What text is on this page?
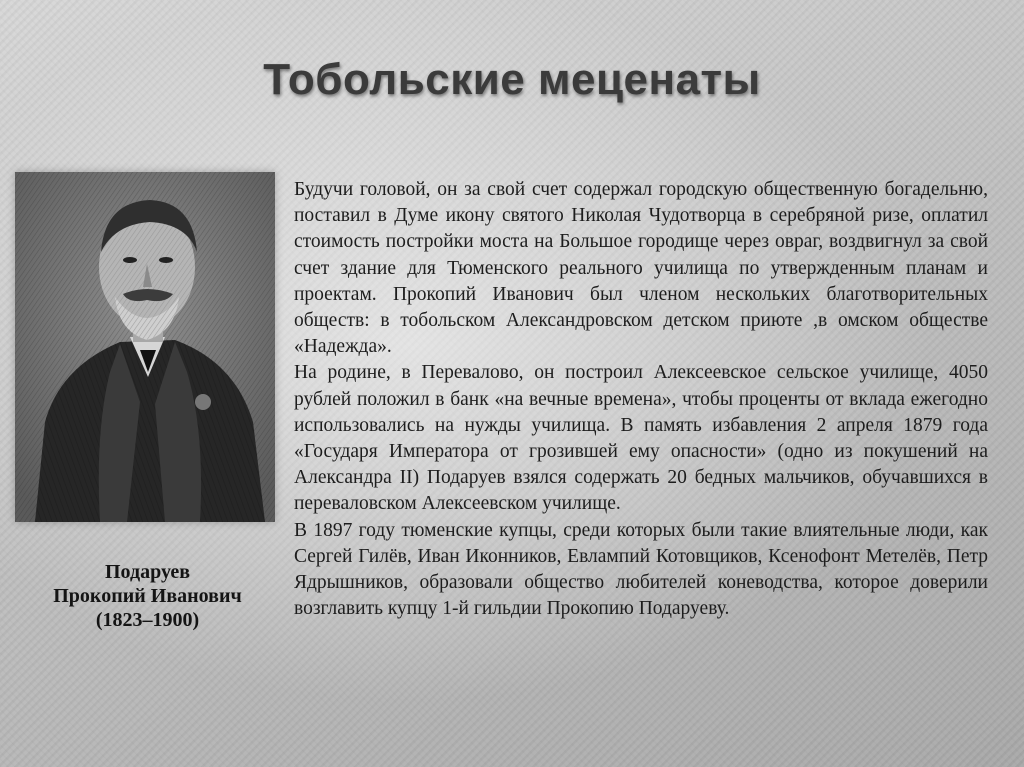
Тобольские меценаты
Подаруев
Прокопий Иванович
(1823–1900)

Будучи головой, он за свой счет содержал городскую общественную богадельню, поставил в Думе икону святого Николая Чудотворца в серебряной ризе, оплатил стоимость постройки моста на Большое городище через овраг, воздвигнул за свой счет здание для Тюменского реального училища по утвержденным планам и проектам. Прокопий Иванович был членом нескольких благотворительных обществ: в тобольском Александровском детском приюте ,в омском обществе «Надежда».

На родине, в Перевалово, он построил Алексеевское сельское училище, 4050 рублей положил в банк «на вечные времена», чтобы проценты от вклада ежегодно использовались на нужды училища. В память избавления 2 апреля 1879 года «Государя Императора от грозившей ему опасности» (одно из покушений на Александра II) Подаруев взялся содержать 20 бедных мальчиков, обучавшихся в переваловском Алексеевском училище.

В 1897 году тюменские купцы, среди которых были такие влиятельные люди, как Сергей Гилёв, Иван Иконников, Евлампий Котовщиков, Ксенофонт Метелёв, Петр Ядрышников, образовали общество любителей коневодства, которое доверили возглавить купцу 1-й гильдии Прокопию Подаруеву.
